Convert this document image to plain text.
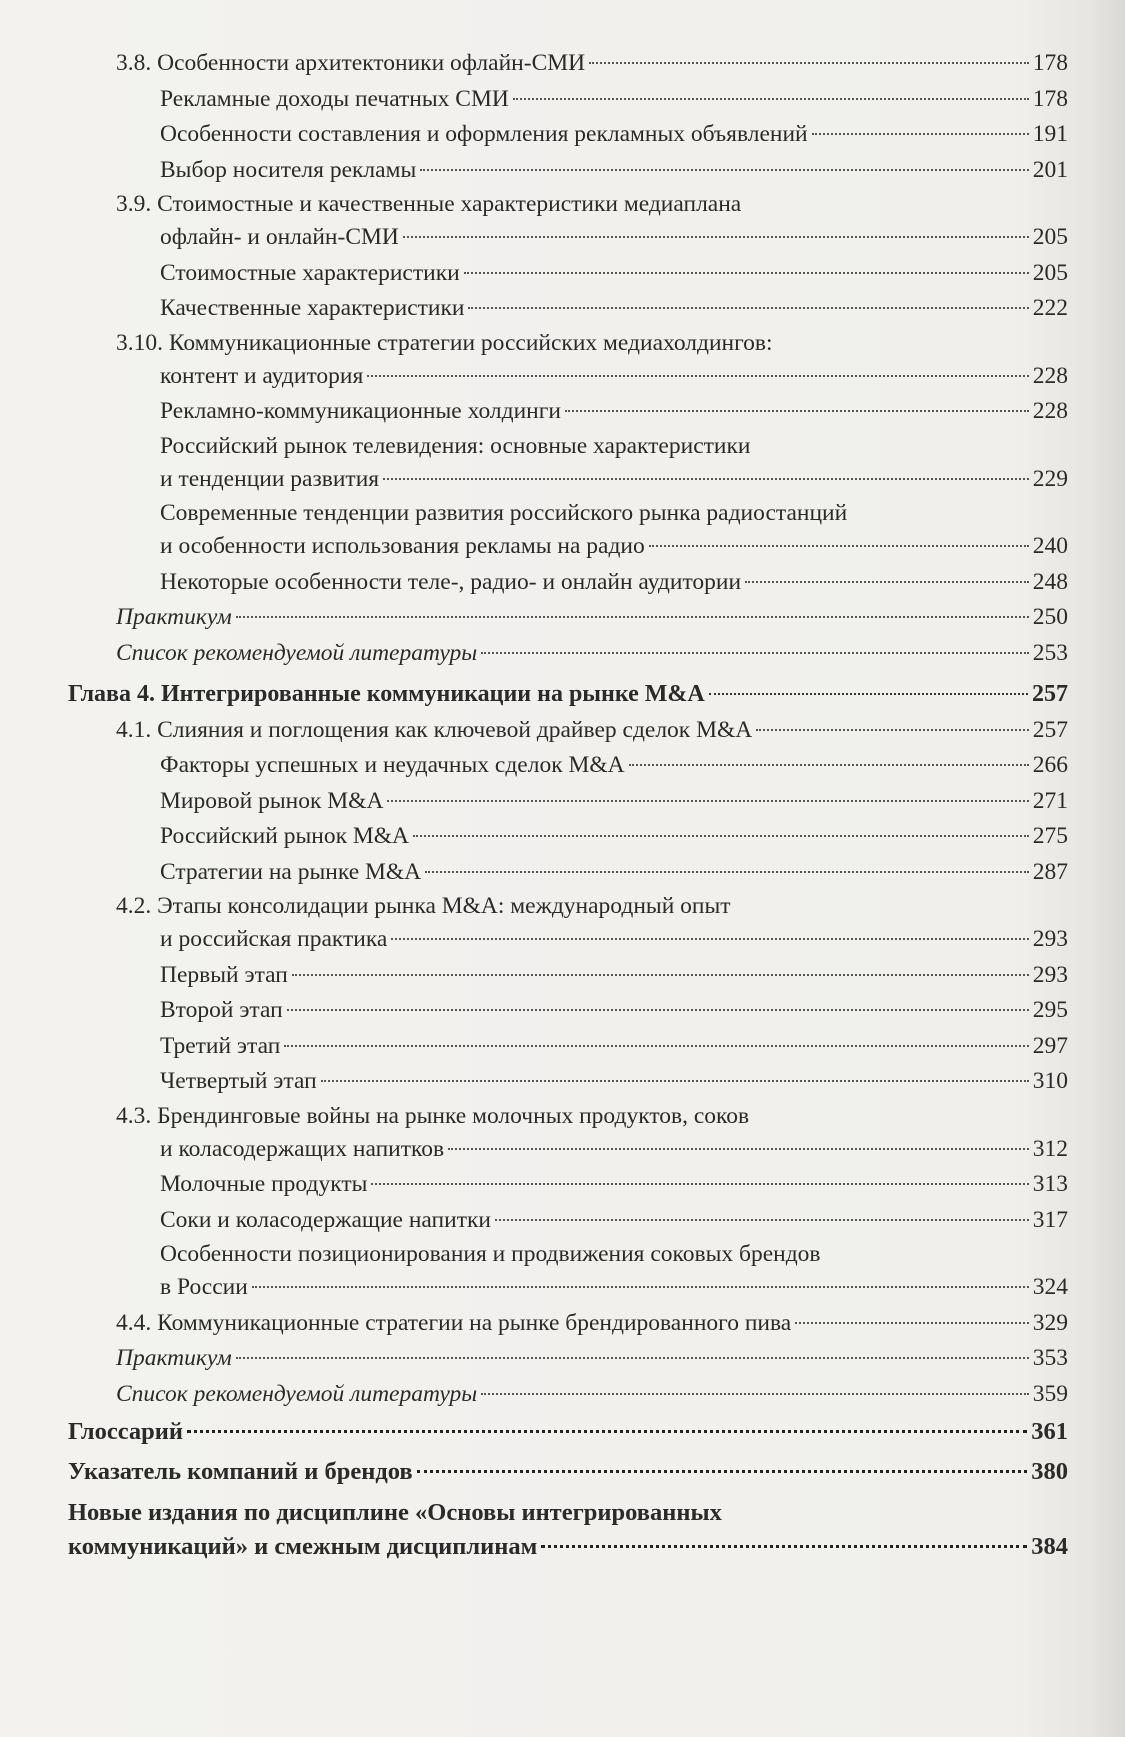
3.8. Особенности архитектоники офлайн-СМИ	178
Рекламные доходы печатных СМИ	178
Особенности составления и оформления рекламных объявлений	191
Выбор носителя рекламы	201
3.9. Стоимостные и качественные характеристики медиаплана
офлайн- и онлайн-СМИ	205
Стоимостные характеристики	205
Качественные характеристики	222
3.10. Коммуникационные стратегии российских медиахолдингов:
контент и аудитория	228
Рекламно-коммуникационные холдинги	228
Российский рынок телевидения: основные характеристики
и тенденции развития	229
Современные тенденции развития российского рынка радиостанций
и особенности использования рекламы на радио	240
Некоторые особенности теле-, радио- и онлайн аудитории	248
Практикум	250
Список рекомендуемой литературы	253
Глава 4. Интегрированные коммуникации на рынке M&A	257
4.1. Слияния и поглощения как ключевой драйвер сделок M&A	257
Факторы успешных и неудачных сделок M&A	266
Мировой рынок M&A	271
Российский рынок M&A	275
Стратегии на рынке M&A	287
4.2. Этапы консолидации рынка M&A: международный опыт
и российская практика	293
Первый этап	293
Второй этап	295
Третий этап	297
Четвертый этап	310
4.3. Брендинговые войны на рынке молочных продуктов, соков
и коласодержащих напитков	312
Молочные продукты	313
Соки и коласодержащие напитки	317
Особенности позиционирования и продвижения соковых брендов
в России	324
4.4. Коммуникационные стратегии на рынке брендированного пива	329
Практикум	353
Список рекомендуемой литературы	359
Глоссарий	361
Указатель компаний и брендов	380
Новые издания по дисциплине «Основы интегрированных
коммуникаций» и смежным дисциплинам	384
